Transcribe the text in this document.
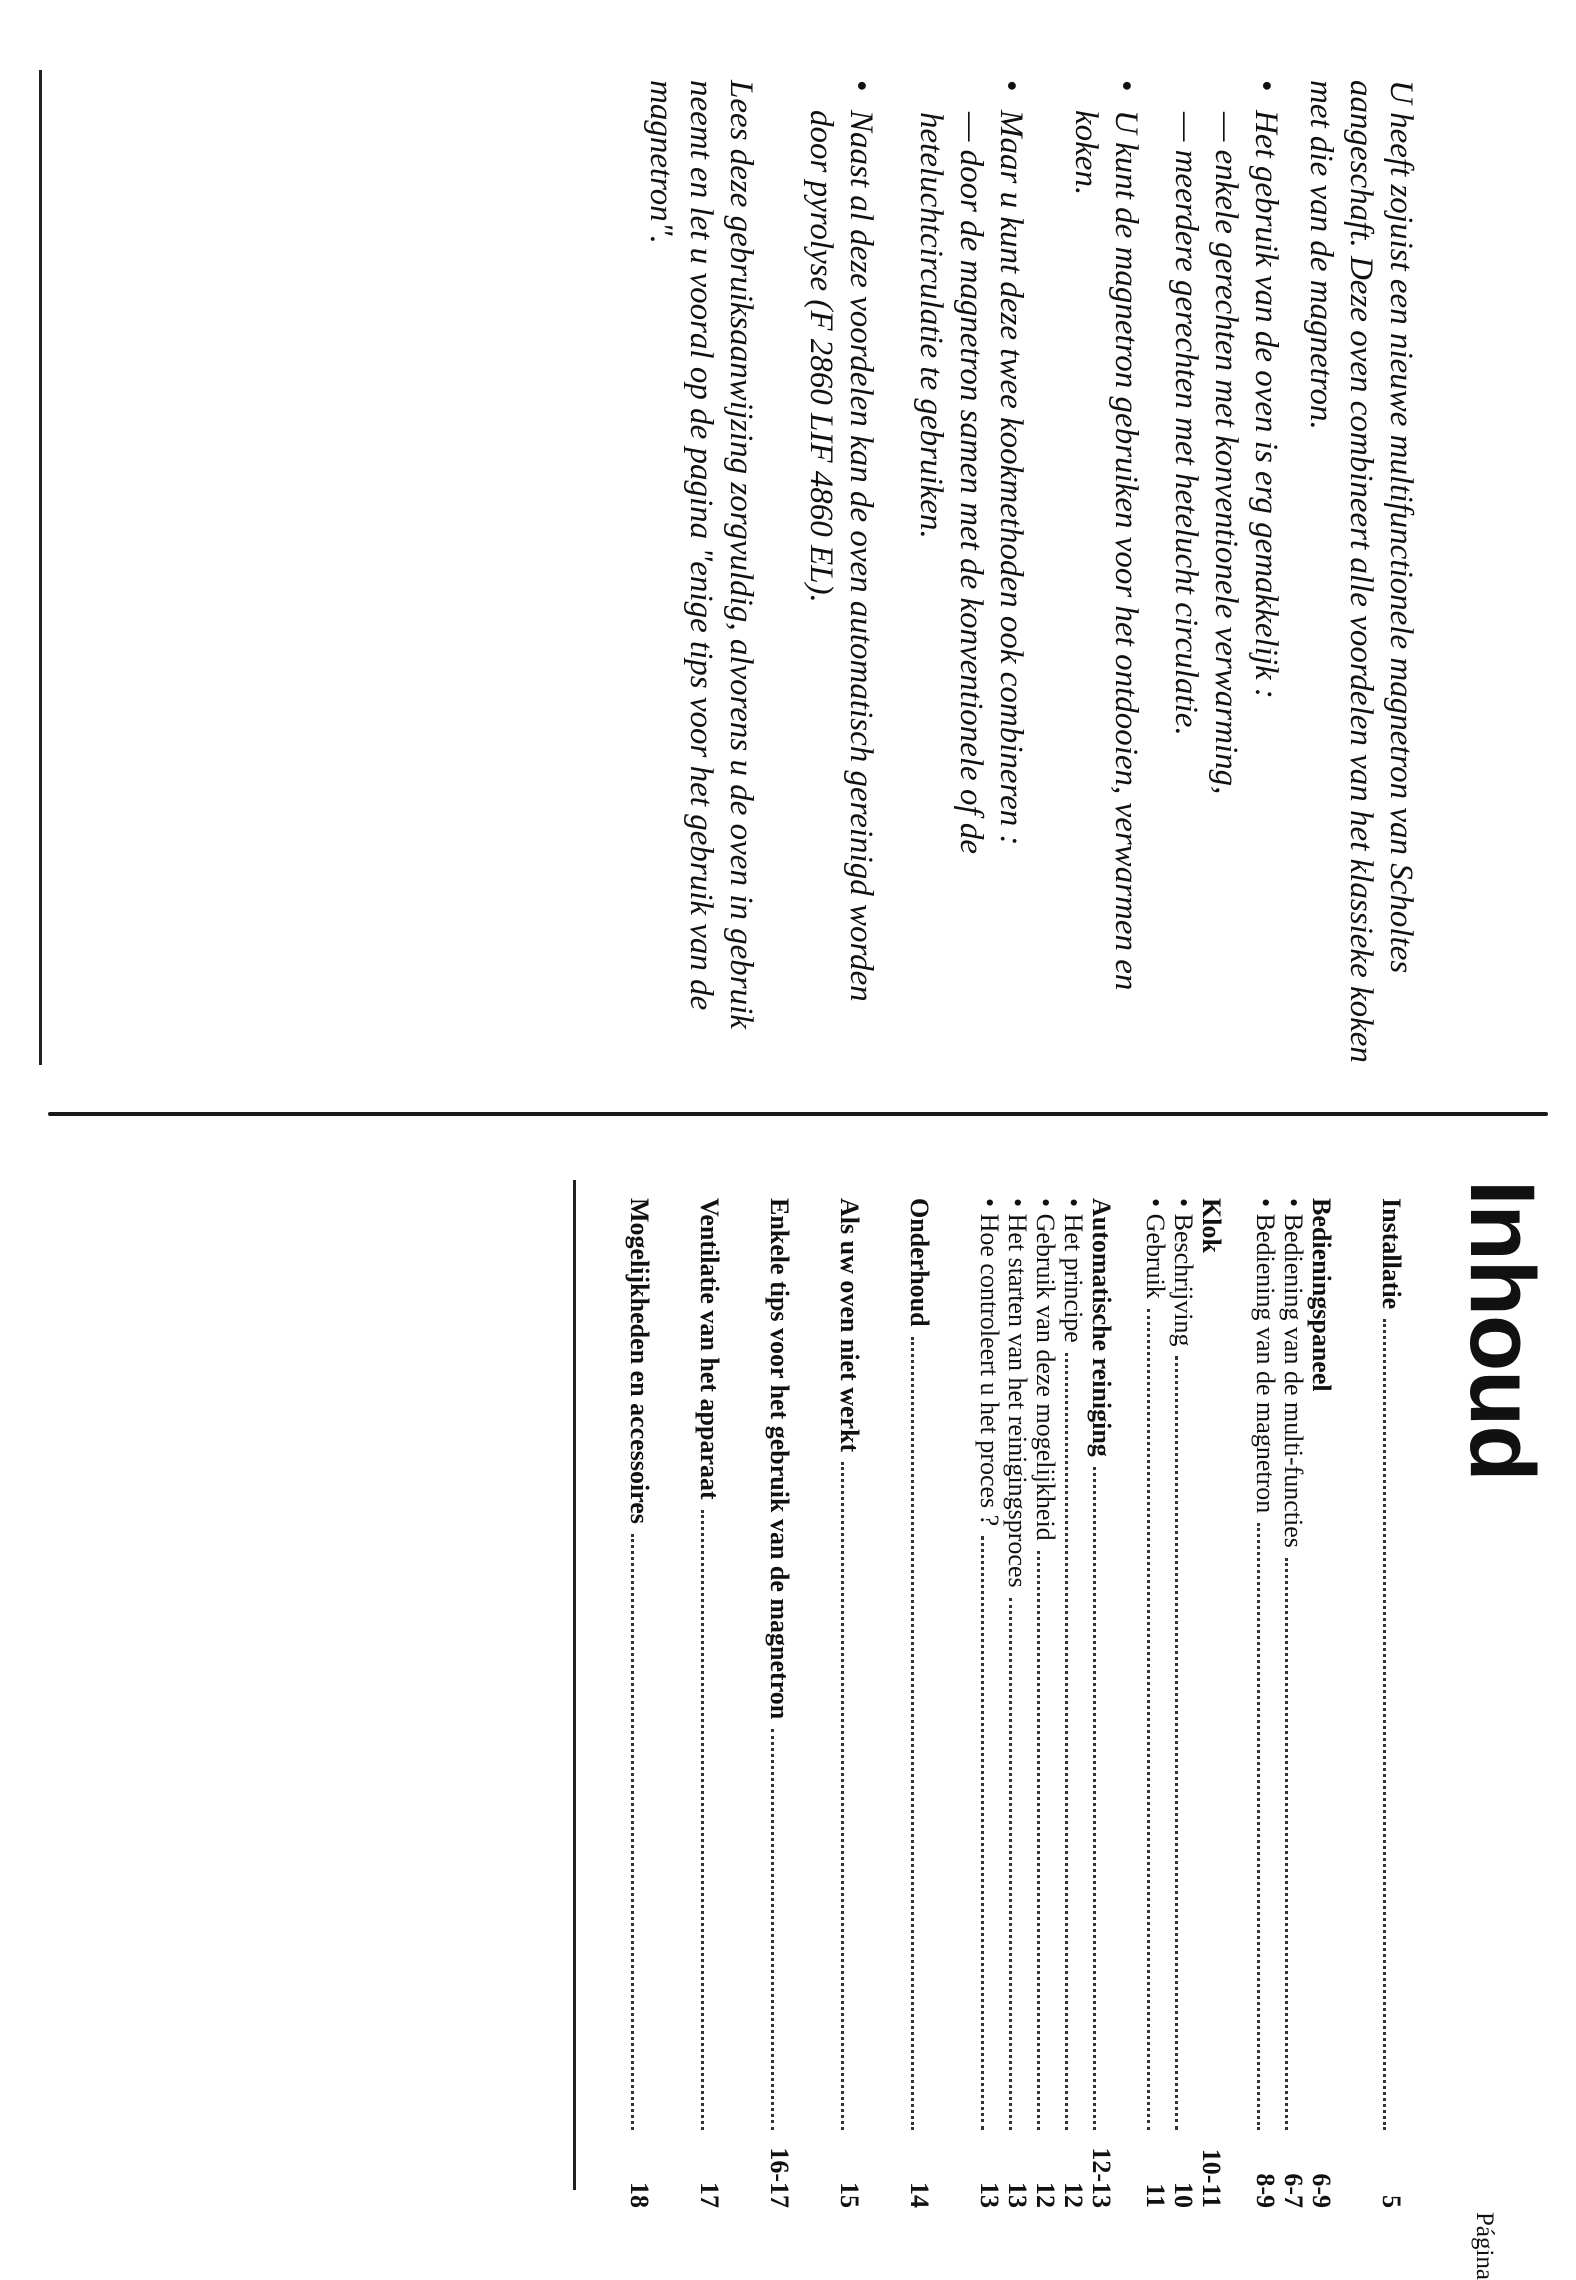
U heeft zojuist een nieuwe multifunctionele magnetron van Scholtes aangeschaft. Deze oven combineert alle voordelen van het klassieke koken met die van de magnetron.

•
Het gebruik van de oven is erg gemakkelijk :
— enkele gerechten met konventionele verwarming,
— meerdere gerechten met hetelucht circulatie.
•
U kunt de magnetron gebruiken voor het ontdooien, verwarmen en koken.
•
Maar u kunt deze twee kookmethoden ook combineren :
— door de magnetron samen met de konventionele of de heteluchtcirculatie te gebruiken.
•
Naast al deze voordelen kan de oven automatisch gereinigd worden door pyrolyse (F 2860 LIF 4860 EL).

Lees deze gebruiksaanwijzing zorgvuldig, alvorens u de oven in gebruik neemt en let u vooral op de pagina "enige tips voor het gebruik van de magnetron".

Inhoud
Página
Installatie
5
Bedieningspaneel
6-9
• Bediening van de multi-functies
6-7
• Bediening van de magnetron
8-9
Klok
10-11
• Beschrijving
10
• Gebruik
11
Automatische reiniging
12-13
• Het principe
12
• Gebruik van deze mogelijkheid
12
• Het starten van het reinigingsproces
13
• Hoe controleert u het proces ?
13
Onderhoud
14
Als uw oven niet werkt
15
Enkele tips voor het gebruik van de magnetron
16-17
Ventilatie van het apparaat
17
Mogelijkheden en accessoires
18
